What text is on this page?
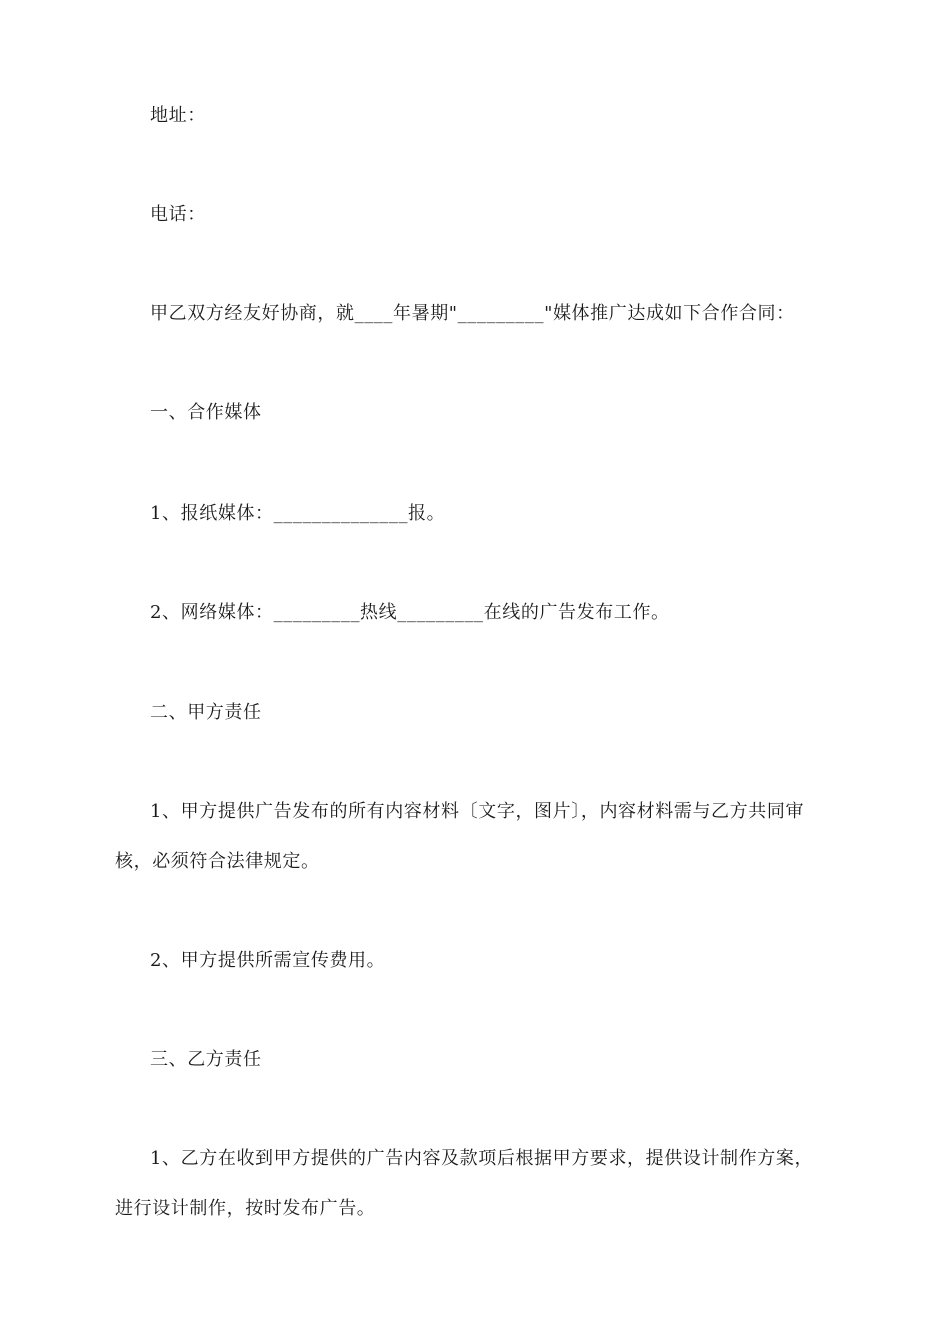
地址：
电话：
甲乙双方经友好协商，就____年暑期"_________"媒体推广达成如下合作合同：
一、合作媒体
1、报纸媒体：______________报。
2、网络媒体：_________热线_________在线的广告发布工作。
二、甲方责任
1、甲方提供广告发布的所有内容材料〔文字，图片〕，内容材料需与乙方共同审
核，必须符合法律规定。
2、甲方提供所需宣传费用。
三、乙方责任
1、乙方在收到甲方提供的广告内容及款项后根据甲方要求，提供设计制作方案，
进行设计制作，按时发布广告。
